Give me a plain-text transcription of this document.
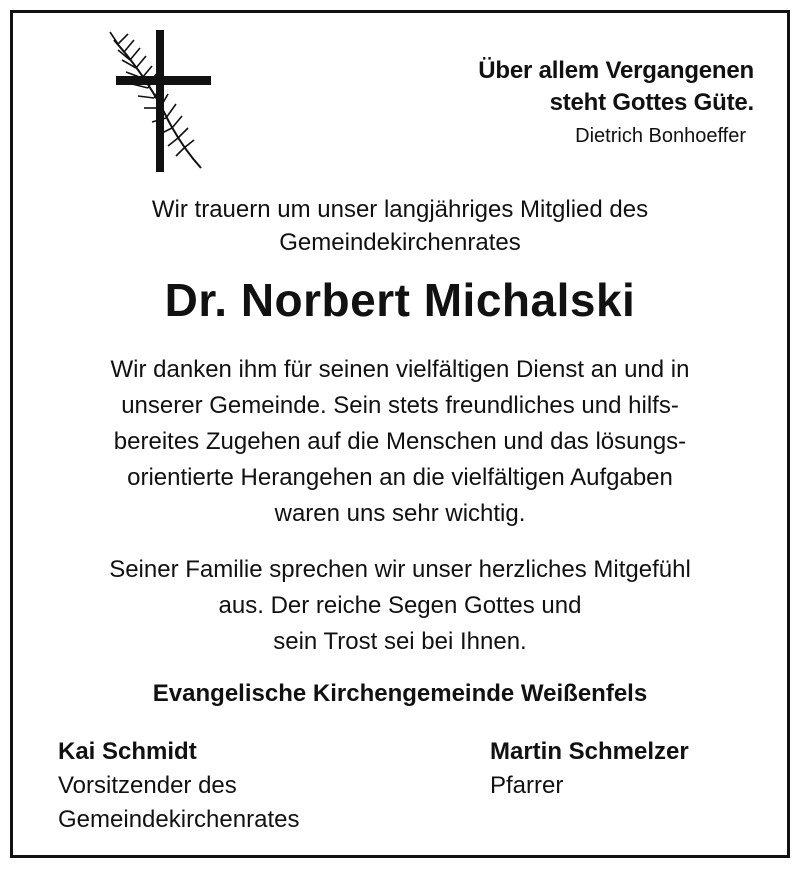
Über allem Vergangenen
steht Gottes Güte.
Dietrich Bonhoeffer
Wir trauern um unser langjähriges Mitglied des
Gemeindekirchenrates
Dr. Norbert Michalski
Wir danken ihm für seinen vielfältigen Dienst an und in
unserer Gemeinde. Sein stets freundliches und hilfs-
bereites Zugehen auf die Menschen und das lösungs-
orientierte Herangehen an die vielfältigen Aufgaben
waren uns sehr wichtig.
Seiner Familie sprechen wir unser herzliches Mitgefühl
aus. Der reiche Segen Gottes und
sein Trost sei bei Ihnen.
Evangelische Kirchengemeinde Weißenfels
Kai Schmidt
Vorsitzender des
Gemeindekirchenrates
Martin Schmelzer
Pfarrer
